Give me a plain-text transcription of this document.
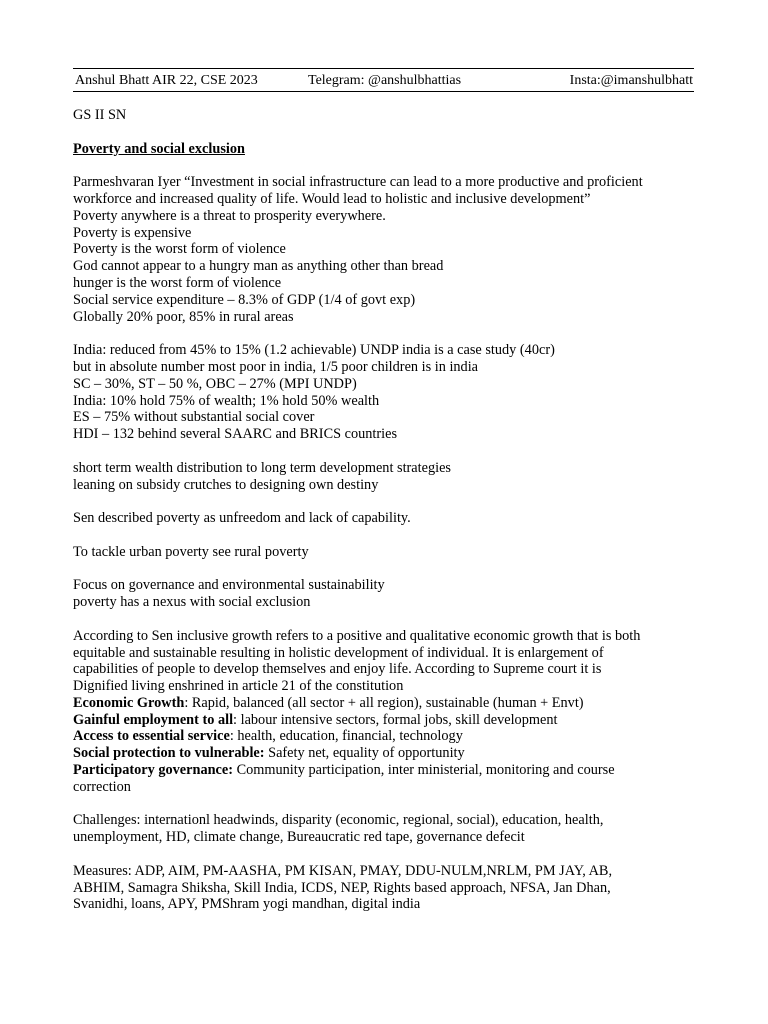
Anshul Bhatt AIR 22, CSE 2023	Telegram: @anshulbhattias	Insta:@imanshulbhatt
GS II SN
Poverty and social exclusion
Parmeshvaran Iyer “Investment in social infrastructure can lead to a more productive and proficient
workforce and increased quality of life. Would lead to holistic and inclusive development”
Poverty anywhere is a threat to prosperity everywhere.
Poverty is expensive
Poverty is the worst form of violence
God cannot appear to a hungry man as anything other than bread
hunger is the worst form of violence
Social service expenditure – 8.3% of GDP (1/4 of govt exp)
Globally 20% poor, 85% in rural areas
India: reduced from 45% to 15% (1.2 achievable) UNDP india is a case study (40cr)
but in absolute number most poor in india, 1/5 poor children is in india
SC – 30%, ST – 50 %, OBC – 27% (MPI UNDP)
India: 10% hold 75% of wealth; 1% hold 50% wealth
ES – 75% without substantial social cover
HDI – 132 behind several SAARC and BRICS countries
short term wealth distribution to long term development strategies
leaning on subsidy crutches to designing own destiny
Sen described poverty as unfreedom and lack of capability.
To tackle urban poverty see rural poverty
Focus on governance and environmental sustainability
poverty has a nexus with social exclusion
According to Sen inclusive growth refers to a positive and qualitative economic growth that is both
equitable and sustainable resulting in holistic development of individual. It is enlargement of
capabilities of people to develop themselves and enjoy life. According to Supreme court it is
Dignified living enshrined in article 21 of the constitution
Economic Growth: Rapid, balanced (all sector + all region), sustainable (human + Envt)
Gainful employment to all: labour intensive sectors, formal jobs, skill development
Access to essential service: health, education, financial, technology
Social protection to vulnerable: Safety net, equality of opportunity
Participatory governance: Community participation, inter ministerial, monitoring and course
correction
Challenges: internationl headwinds, disparity (economic, regional, social), education, health,
unemployment, HD, climate change, Bureaucratic red tape, governance defecit
Measures: ADP, AIM, PM-AASHA, PM KISAN, PMAY, DDU-NULM,NRLM, PM JAY, AB,
ABHIM, Samagra Shiksha, Skill India, ICDS, NEP, Rights based approach, NFSA, Jan Dhan,
Svanidhi, loans, APY, PMShram yogi mandhan, digital india
